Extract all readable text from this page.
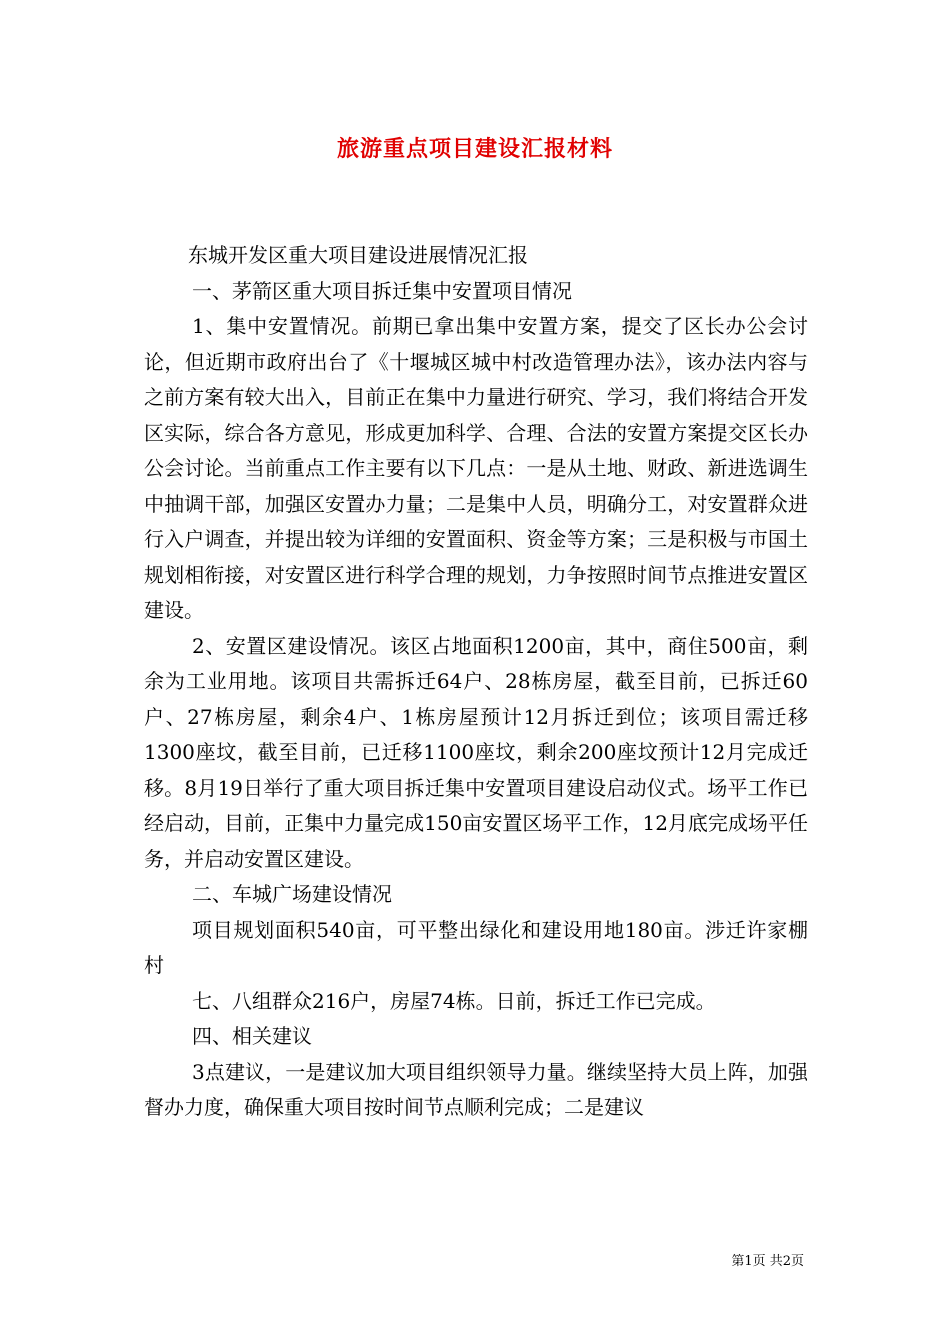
旅游重点项目建设汇报材料

东城开发区重大项目建设进展情况汇报

一、茅箭区重大项目拆迁集中安置项目情况

1、集中安置情况。前期已拿出集中安置方案，提交了区长办公会讨论，但近期市政府出台了《十堰城区城中村改造管理办法》，该办法内容与之前方案有较大出入，目前正在集中力量进行研究、学习，我们将结合开发区实际，综合各方意见，形成更加科学、合理、合法的安置方案提交区长办公会讨论。当前重点工作主要有以下几点：一是从土地、财政、新进选调生中抽调干部，加强区安置办力量；二是集中人员，明确分工，对安置群众进行入户调查，并提出较为详细的安置面积、资金等方案；三是积极与市国土规划相衔接，对安置区进行科学合理的规划，力争按照时间节点推进安置区建设。

2、安置区建设情况。该区占地面积1200亩，其中，商住500亩，剩余为工业用地。该项目共需拆迁64户、28栋房屋，截至目前，已拆迁60户、27栋房屋，剩余4户、1栋房屋预计12月拆迁到位；该项目需迁移1300座坟，截至目前，已迁移1100座坟，剩余200座坟预计12月完成迁移。8月19日举行了重大项目拆迁集中安置项目建设启动仪式。场平工作已经启动，目前，正集中力量完成150亩安置区场平工作，12月底完成场平任务，并启动安置区建设。

二、车城广场建设情况

项目规划面积540亩，可平整出绿化和建设用地180亩。涉迁许家棚村

七、八组群众216户，房屋74栋。日前，拆迁工作已完成。

四、相关建议

3点建议，一是建议加大项目组织领导力量。继续坚持大员上阵，加强督办力度，确保重大项目按时间节点顺利完成；二是建议

第1页 共2页
